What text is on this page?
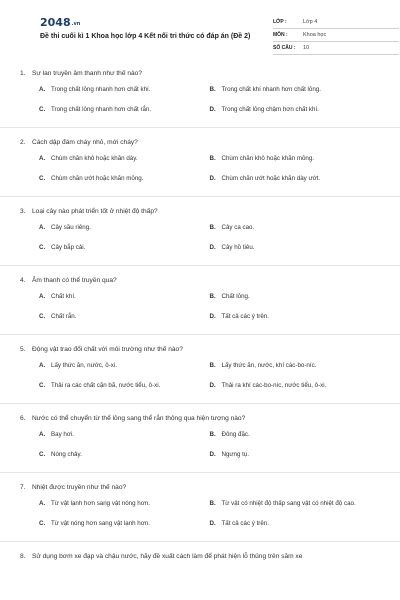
$2048^{.vn}$
Đề thi cuối kì 1 Khoa học lớp 4 Kết nối tri thức có đáp án (Đề 2)
LỚP :	Lớp 4
MÔN :	Khoa học
SỐ CÂU :	10
1. Sự lan truyền âm thanh như thế nào?
A .	Trong chất lỏng nhanh hơn chất khí.	B .	Trong chất khí nhanh hơn chất lỏng.
C .	Trong chất lỏng nhanh hơn chất rắn.	D .	Trong chất lỏng chậm hơn chất khí.
2. Cách dập đám cháy nhỏ, mới cháy?
A .	Chùm chăn khô hoặc khăn dày.	B .	Chùm chăn khô hoặc khăn mỏng.
C .	Chùm chăn ướt hoặc khăn mỏng.	D .	Chùm chăn ướt hoặc khăn dày ướt.
3. Loại cây nào phát triển tốt ở nhiệt độ thấp?
A .	Cây sầu riêng.	B .	Cây ca cao.
C .	Cây bắp cải.	D .	Cây hồ tiêu.
4. Âm thanh có thể truyền qua?
A .	Chất khí.	B .	Chất lỏng.
C .	Chất rắn.	D .	Tất cả các ý trên.
5. Động vật trao đổi chất với môi trường như thế nào?
A .	Lấy thức ăn, nước, ô-xi.	B .	Lấy thức ăn, nước, khí các-bo-níc.
C .	Thải ra các chất cặn bã, nước tiểu, ô-xi.	D .	Thải ra khí các-bo-níc, nước tiểu, ô-xi.
6. Nước có thể chuyển từ thể lỏng sang thể rắn thông qua hiện tượng nào?
A .	Bay hơi.	B .	Đông đặc.
C .	Nóng chảy.	D .	Ngưng tụ.
7. Nhiệt được truyền như thế nào?
A .	Từ vật lạnh hơn sang vật nóng hơn.	B .	Từ vật có nhiệt độ thấp sang vật có nhiệt độ cao.
C .	Từ vật nóng hơn sang vật lạnh hơn.	D .	Tất cả các ý trên.
8. Sử dụng bơm xe đạp và chậu nước, hãy đề xuất cách làm để phát hiện lỗ thủng trên săm xe
